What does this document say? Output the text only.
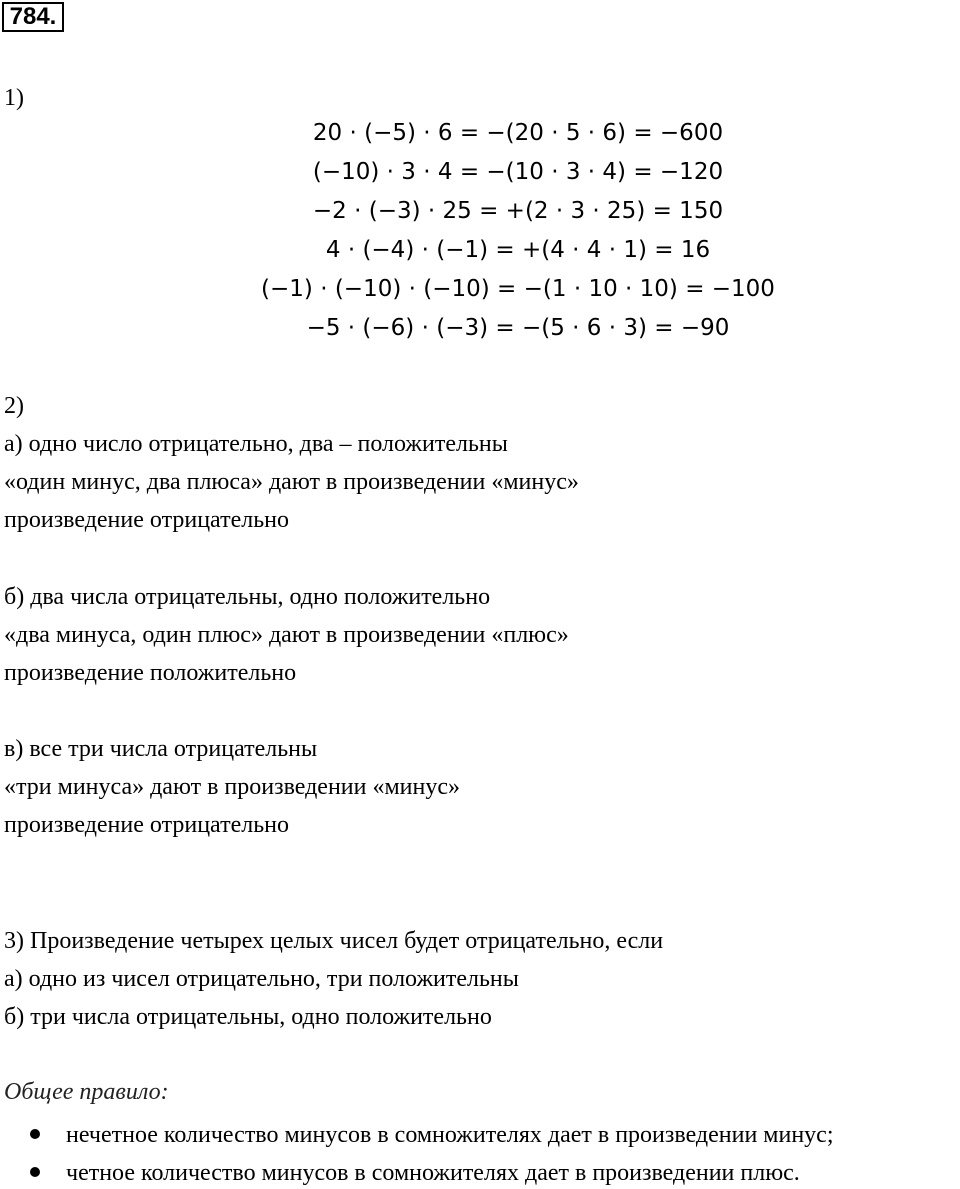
784.
1)
20 · (−5) · 6 = −(20 · 5 · 6) = −600
(−10) · 3 · 4 = −(10 · 3 · 4) = −120
−2 · (−3) · 25 = +(2 · 3 · 25) = 150
4 · (−4) · (−1) = +(4 · 4 · 1) = 16
(−1) · (−10) · (−10) = −(1 · 10 · 10) = −100
−5 · (−6) · (−3) = −(5 · 6 · 3) = −90
2)
а) одно число отрицательно, два – положительны
«один минус, два плюса» дают в произведении «минус»
произведение отрицательно
б) два числа отрицательны, одно положительно
«два минуса, один плюс» дают в произведении «плюс»
произведение положительно
в) все три числа отрицательны
«три минуса» дают в произведении «минус»
произведение отрицательно
3) Произведение четырех целых чисел будет отрицательно, если
а) одно из чисел отрицательно, три положительны
б) три числа отрицательны, одно положительно
Общее правило:
нечетное количество минусов в сомножителях дает в произведении минус;
четное количество минусов в сомножителях дает в произведении плюс.
